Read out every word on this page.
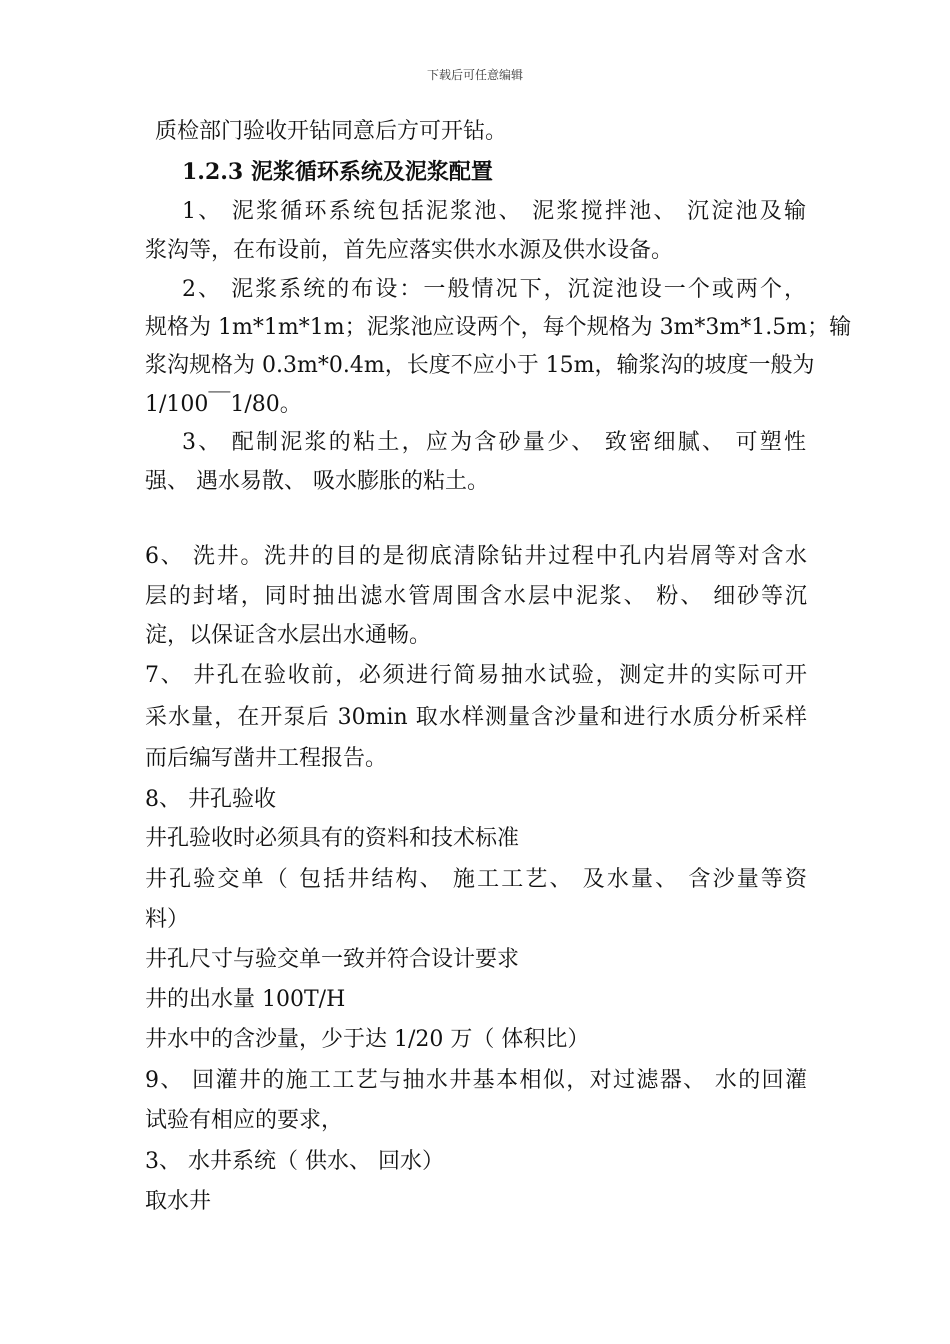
下载后可任意编辑
质检部门验收开钻同意后方可开钻。
1.2.3 泥浆循环系统及泥浆配置
1、 泥浆循环系统包括泥浆池、 泥浆搅拌池、 沉淀池及输
浆沟等，在布设前，首先应落实供水水源及供水设备。
2、 泥浆系统的布设：一般情况下，沉淀池设一个或两个，
规格为 1m*1m*1m；泥浆池应设两个，每个规格为 3m*3m*1.5m；输
浆沟规格为 0.3m*0.4m，长度不应小于 15m，输浆沟的坡度一般为
1/100￣1/80。
3、 配制泥浆的粘土，应为含砂量少、 致密细腻、 可塑性
强、 遇水易散、 吸水膨胀的粘土。
6、 洗井。洗井的目的是彻底清除钻井过程中孔内岩屑等对含水
层的封堵，同时抽出滤水管周围含水层中泥浆、 粉、 细砂等沉
淀，以保证含水层出水通畅。
7、 井孔在验收前，必须进行简易抽水试验，测定井的实际可开
采水量，在开泵后 30min 取水样测量含沙量和进行水质分析采样
而后编写凿井工程报告。
8、 井孔验收
井孔验收时必须具有的资料和技术标准
井孔验交单（ 包括井结构、 施工工艺、 及水量、 含沙量等资
料）
井孔尺寸与验交单一致并符合设计要求
井的出水量 100T/H
井水中的含沙量，少于达 1/20 万（ 体积比）
9、 回灌井的施工工艺与抽水井基本相似，对过滤器、 水的回灌
试验有相应的要求，
3、 水井系统（ 供水、 回水）
取水井
